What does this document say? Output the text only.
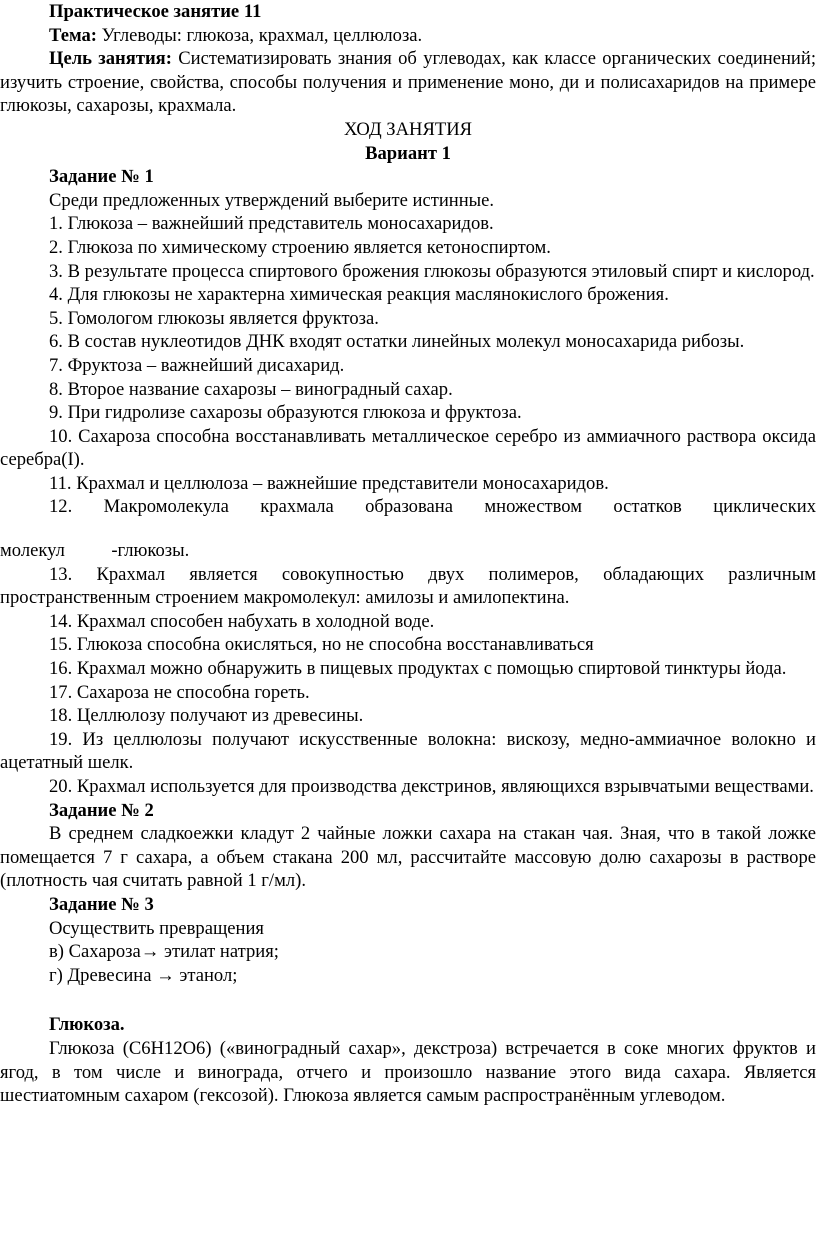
Практическое занятие 11

Тема: Углеводы: глюкоза, крахмал, целлюлоза.

Цель занятия: Систематизировать знания об углеводах, как классе органических соединений; изучить строение, свойства, способы получения и применение моно, ди и полисахаридов на примере глюкозы, сахарозы, крахмала.

ХОД ЗАНЯТИЯ

Вариант 1

Задание № 1

Среди предложенных утверждений выберите истинные.

1. Глюкоза – важнейший представитель моносахаридов.

2. Глюкоза по химическому строению является кетоноспиртом.

3. В результате процесса спиртового брожения глюкозы образуются этиловый спирт и кислород.

4. Для глюкозы не характерна химическая реакция маслянокислого брожения.

5. Гомологом глюкозы является фруктоза.

6. В состав нуклеотидов ДНК входят остатки линейных молекул моносахарида рибозы.

7. Фруктоза – важнейший дисахарид.

8. Второе название сахарозы – виноградный сахар.

9. При гидролизе сахарозы образуются глюкоза и фруктоза.

10. Сахароза способна восстанавливать металлическое серебро из аммиачного раствора оксида серебра(I).

11. Крахмал и целлюлоза – важнейшие представители моносахаридов.

12. Макромолекула крахмала образована множеством остатков циклических

молекул          -глюкозы.

13. Крахмал является совокупностью двух полимеров, обладающих различным пространственным строением макромолекул: амилозы и амилопектина.

14. Крахмал способен набухать в холодной воде.

15. Глюкоза способна окисляться, но не способна восстанавливаться

16. Крахмал можно обнаружить в пищевых продуктах с помощью спиртовой тинктуры йода.

17. Сахароза не способна гореть.

18. Целлюлозу получают из древесины.

19. Из целлюлозы получают искусственные волокна: вискозу, медно-аммиачное волокно и ацетатный шелк.

20. Крахмал используется для производства декстринов, являющихся взрывчатыми веществами.

Задание № 2

В среднем сладкоежки кладут 2 чайные ложки сахара на стакан чая. Зная, что в такой ложке помещается 7 г сахара, а объем стакана 200 мл, рассчитайте массовую долю сахарозы в растворе (плотность чая считать равной 1 г/мл).

Задание № 3

Осуществить превращения

в) Сахароза→ этилат натрия;

г) Древесина → этанол;

Глюкоза.

Глюкоза (С6Н12О6) («виноградный сахар», декстроза) встречается в соке многих фруктов и ягод, в том числе и винограда, отчего и произошло название этого вида сахара. Является шестиатомным сахаром (гексозой). Глюкоза является самым распространённым углеводом.
